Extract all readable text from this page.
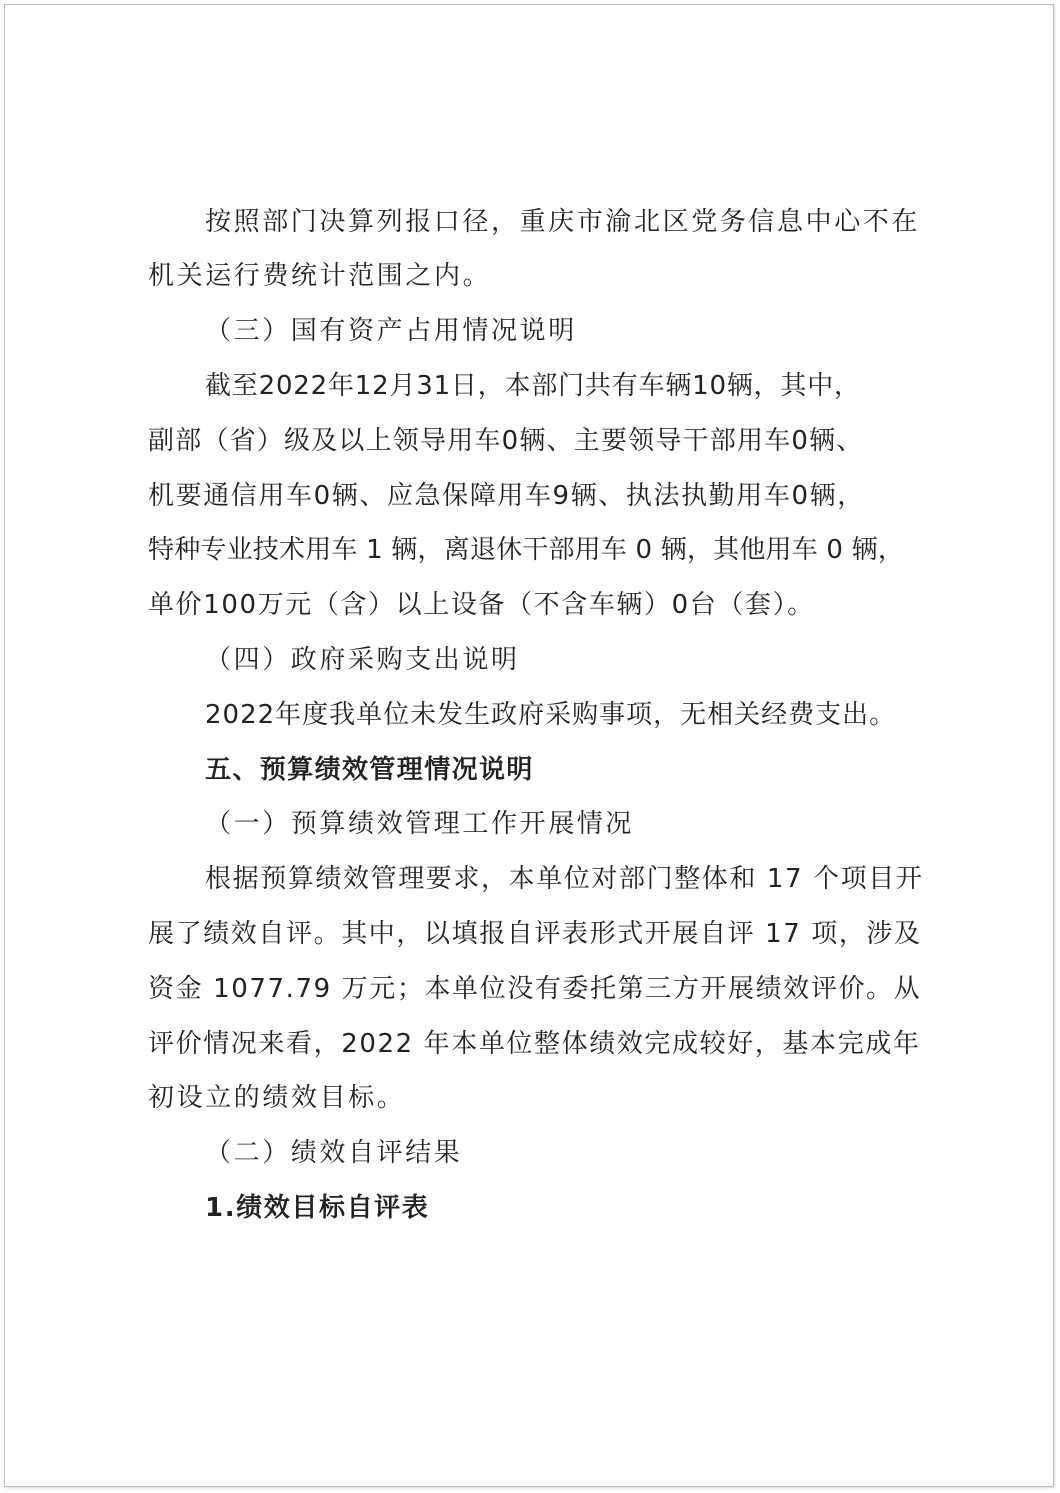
按照部门决算列报口径，重庆市渝北区党务信息中心不在
机关运行费统计范围之内。
（三）国有资产占用情况说明
截至2022年12月31日，本部门共有车辆10辆，其中，
副部（省）级及以上领导用车0辆、主要领导干部用车0辆、
机要通信用车0辆、应急保障用车9辆、执法执勤用车0辆，
特种专业技术用车 1 辆，离退休干部用车 0 辆，其他用车 0 辆，
单价100万元（含）以上设备（不含车辆）0台（套）。
（四）政府采购支出说明
2022年度我单位未发生政府采购事项，无相关经费支出。
五、预算绩效管理情况说明
（一）预算绩效管理工作开展情况
根据预算绩效管理要求，本单位对部门整体和 17 个项目开
展了绩效自评。其中，以填报自评表形式开展自评 17 项，涉及
资金 1077.79 万元；本单位没有委托第三方开展绩效评价。从
评价情况来看，2022 年本单位整体绩效完成较好，基本完成年
初设立的绩效目标。
（二）绩效自评结果
1.绩效目标自评表
